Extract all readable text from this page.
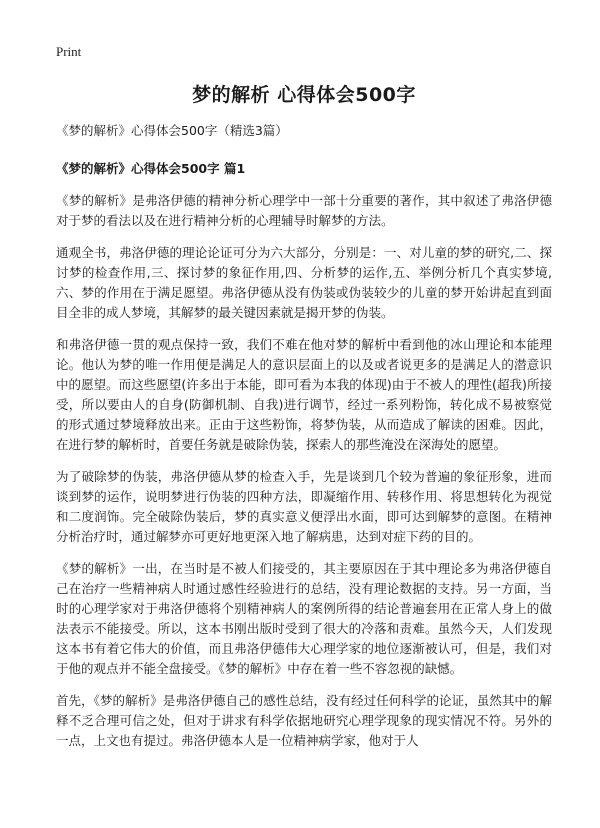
Print
梦的解析 心得体会500字
《梦的解析》心得体会500字（精选3篇）
《梦的解析》心得体会500字 篇1

《梦的解析》是弗洛伊德的精神分析心理学中一部十分重要的著作，其中叙述了弗洛伊德对于梦的看法以及在进行精神分析的心理辅导时解梦的方法。

通观全书，弗洛伊德的理论论证可分为六大部分，分别是：一、对儿童的梦的研究,二、探讨梦的检查作用,三、探讨梦的象征作用,四、分析梦的运作,五、举例分析几个真实梦境,六、梦的作用在于满足愿望。弗洛伊德从没有伪装或伪装较少的儿童的梦开始讲起直到面目全非的成人梦境，其解梦的最关键因素就是揭开梦的伪装。

和弗洛伊德一贯的观点保持一致，我们不难在他对梦的解析中看到他的冰山理论和本能理论。他认为梦的唯一作用便是满足人的意识层面上的以及或者说更多的是满足人的潜意识中的愿望。而这些愿望(许多出于本能，即可看为本我的体现)由于不被人的理性(超我)所接受，所以要由人的自身(防御机制、自我)进行调节，经过一系列粉饰，转化成不易被察觉的形式通过梦境释放出来。正由于这些粉饰，将梦伪装，从而造成了解读的困难。因此，在进行梦的解析时，首要任务就是破除伪装，探索人的那些淹没在深海处的愿望。

为了破除梦的伪装，弗洛伊德从梦的检查入手，先是谈到几个较为普遍的象征形象，进而谈到梦的运作，说明梦进行伪装的四种方法，即凝缩作用、转移作用、将思想转化为视觉和二度润饰。完全破除伪装后，梦的真实意义便浮出水面，即可达到解梦的意图。在精神分析治疗时，通过解梦亦可更好地更深入地了解病患，达到对症下药的目的。

《梦的解析》一出，在当时是不被人们接受的，其主要原因在于其中理论多为弗洛伊德自己在治疗一些精神病人时通过感性经验进行的总结，没有理论数据的支持。另一方面，当时的心理学家对于弗洛伊德将个别精神病人的案例所得的结论普遍套用在正常人身上的做法表示不能接受。所以，这本书刚出版时受到了很大的冷落和责难。虽然今天，人们发现这本书有着它伟大的价值，而且弗洛伊德伟大心理学家的地位逐渐被认可，但是，我们对于他的观点并不能全盘接受。《梦的解析》中存在着一些不容忽视的缺憾。

首先，《梦的解析》是弗洛伊德自己的感性总结，没有经过任何科学的论证，虽然其中的解释不乏合理可信之处，但对于讲求有科学依据地研究心理学现象的现实情况不符。另外的一点，上文也有提过。弗洛伊德本人是一位精神病学家，他对于人
